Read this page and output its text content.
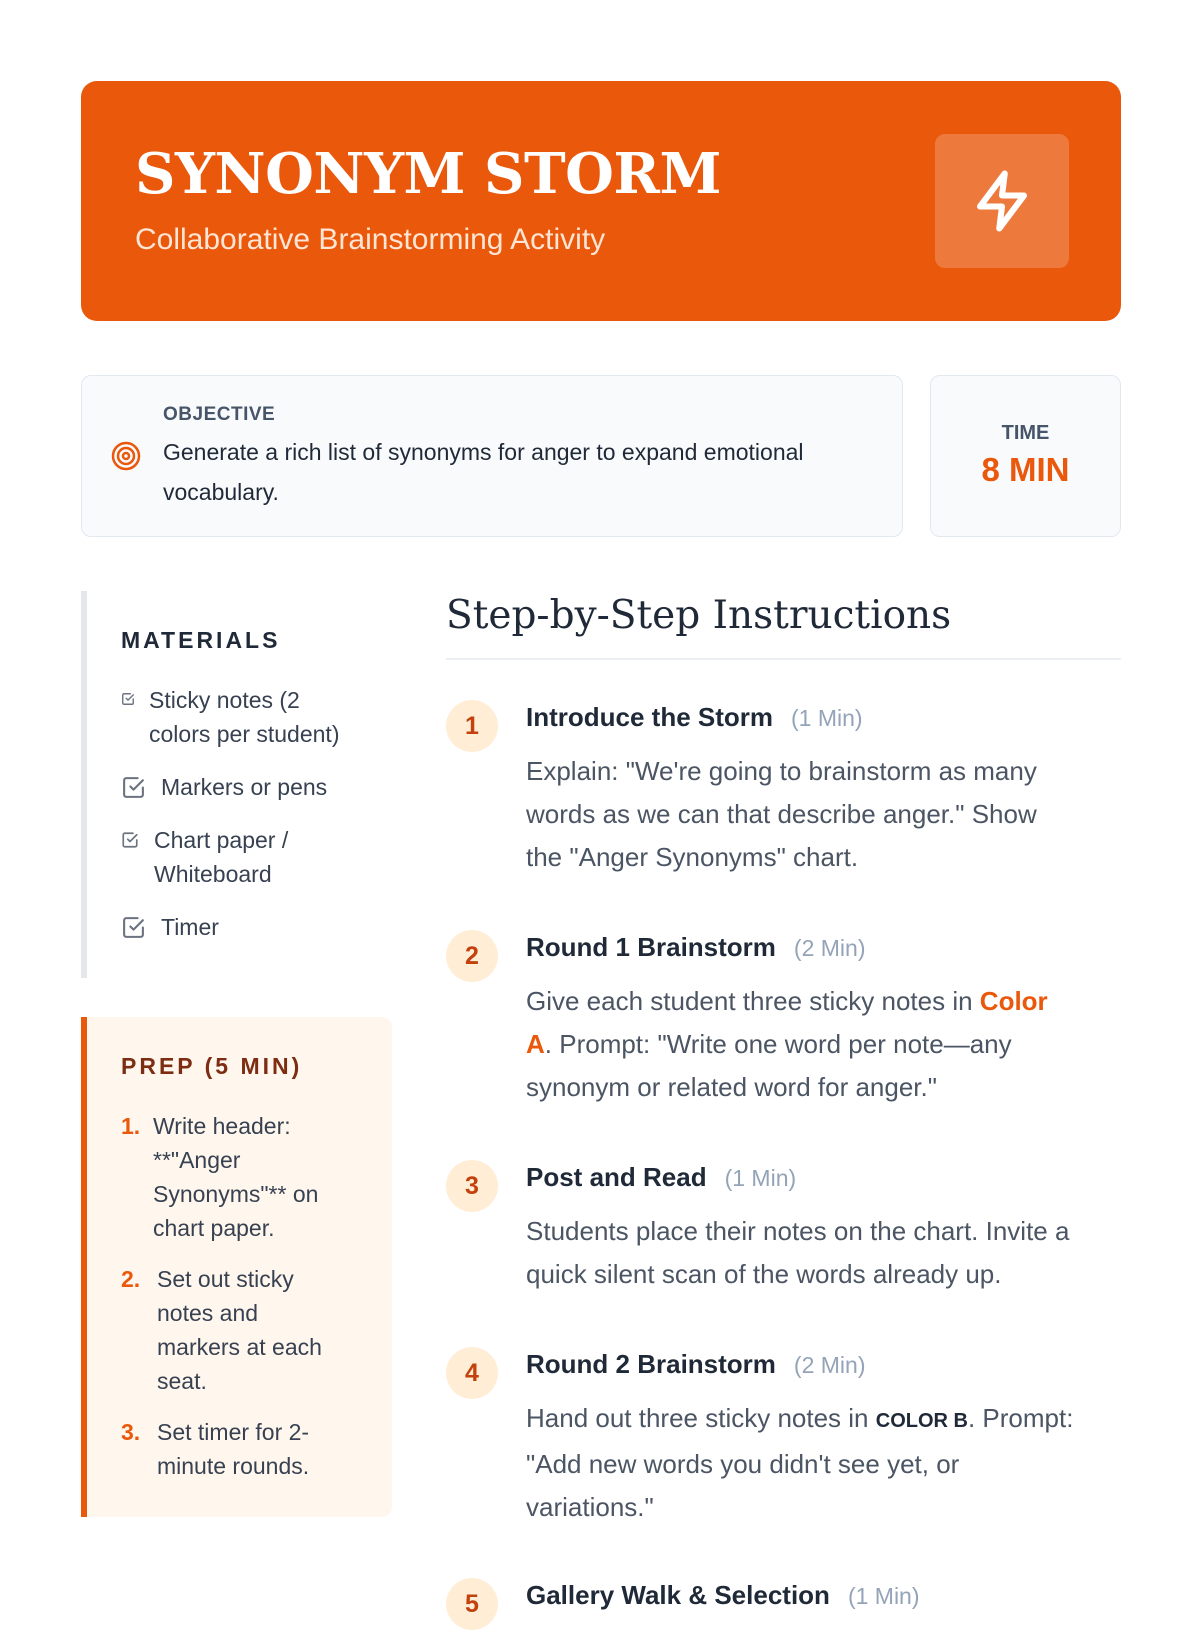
SYNONYM STORM
Collaborative Brainstorming Activity
OBJECTIVE
Generate a rich list of synonyms for anger to expand emotional vocabulary.
TIME
8 MIN
MATERIALS
Sticky notes (2
colors per student)
Markers or pens
Chart paper /
Whiteboard
Timer
PREP (5 MIN)
1. Write header:
**"Anger
Synonyms"** on
chart paper.
2. Set out sticky
notes and
markers at each
seat.
3. Set timer for 2-
minute rounds.
Step-by-Step Instructions
1	Introduce the Storm (1 Min)
Explain: "We're going to brainstorm as many
words as we can that describe anger." Show
the "Anger Synonyms" chart.
2	Round 1 Brainstorm (2 Min)
Give each student three sticky notes in Color
A. Prompt: "Write one word per note—any
synonym or related word for anger."
3	Post and Read (1 Min)
Students place their notes on the chart. Invite a
quick silent scan of the words already up.
4	Round 2 Brainstorm (2 Min)
Hand out three sticky notes in COLOR B. Prompt:
"Add new words you didn't see yet, or
variations."
5	Gallery Walk & Selection (1 Min)
